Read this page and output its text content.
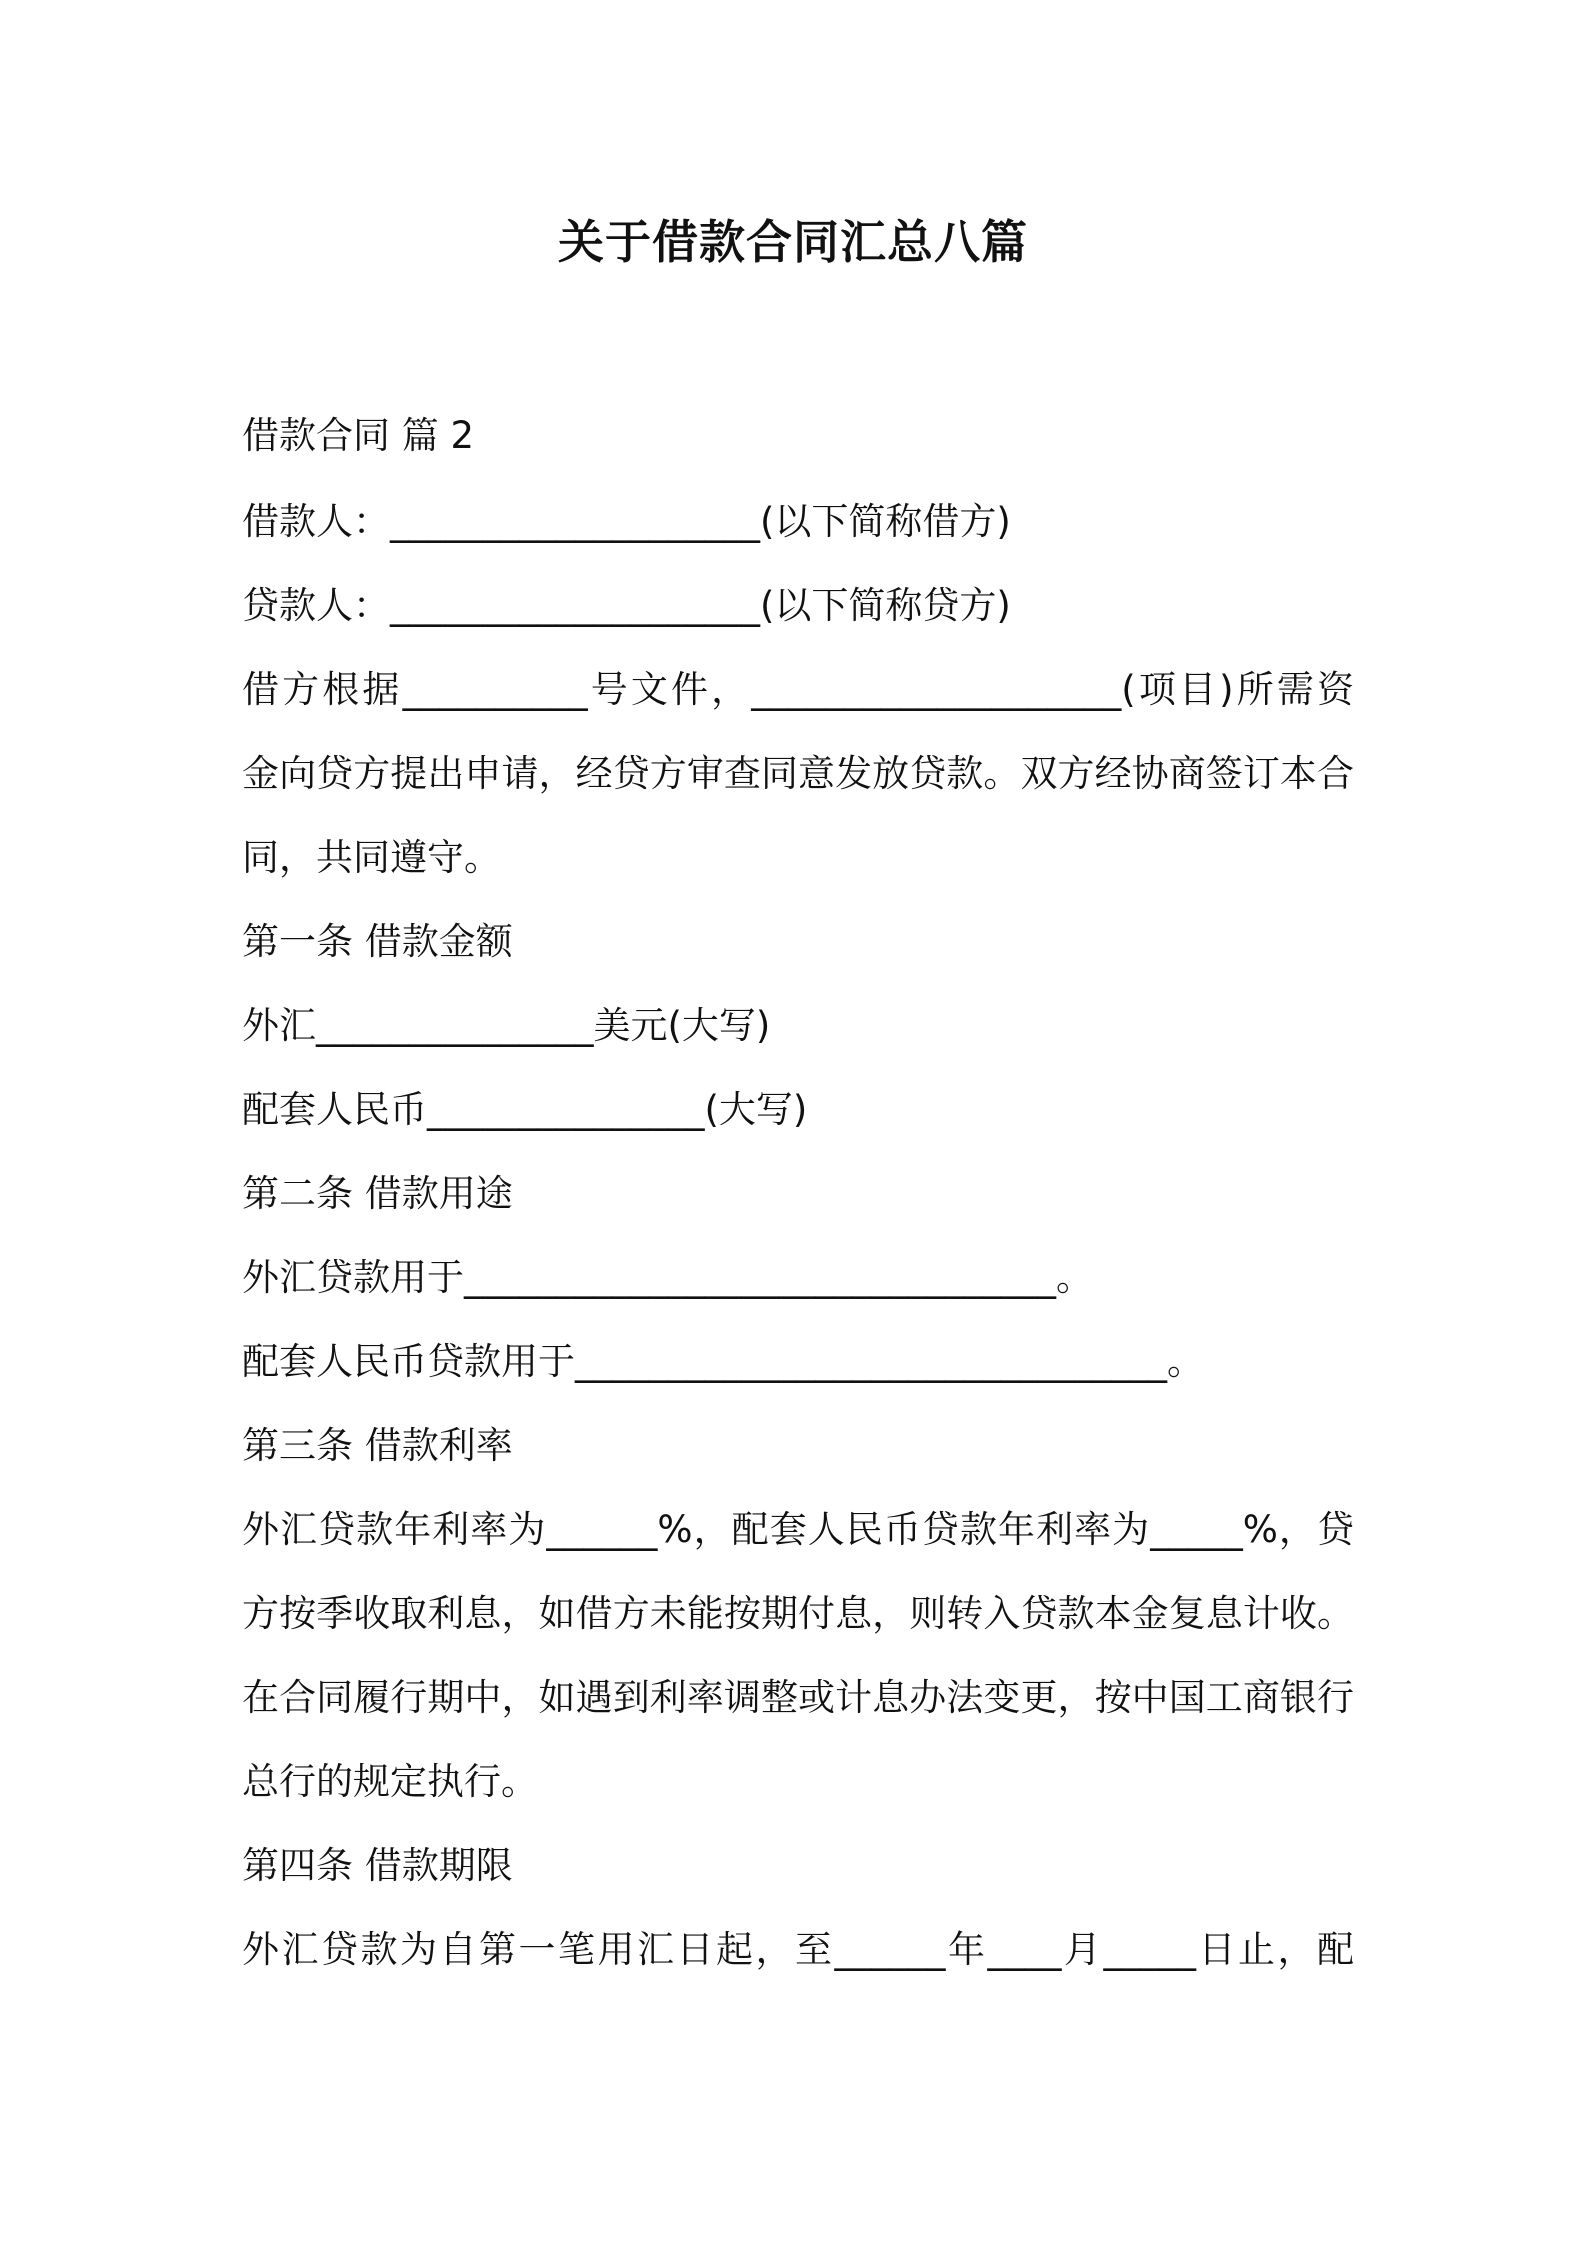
关于借款合同汇总八篇
借款合同 篇 2
借款人：____________________(以下简称借方)
贷款人：____________________(以下简称贷方)
借方根据__________号文件，____________________(项目)所需资
金向贷方提出申请，经贷方审查同意发放贷款。双方经协商签订本合
同，共同遵守。
第一条 借款金额
外汇_______________美元(大写)
配套人民币_______________(大写)
第二条 借款用途
外汇贷款用于________________________________。
配套人民币贷款用于________________________________。
第三条 借款利率
外汇贷款年利率为______%，配套人民币贷款年利率为_____%，贷
方按季收取利息，如借方未能按期付息，则转入贷款本金复息计收。
在合同履行期中，如遇到利率调整或计息办法变更，按中国工商银行
总行的规定执行。
第四条 借款期限
外汇贷款为自第一笔用汇日起，至______年____月_____日止，配
